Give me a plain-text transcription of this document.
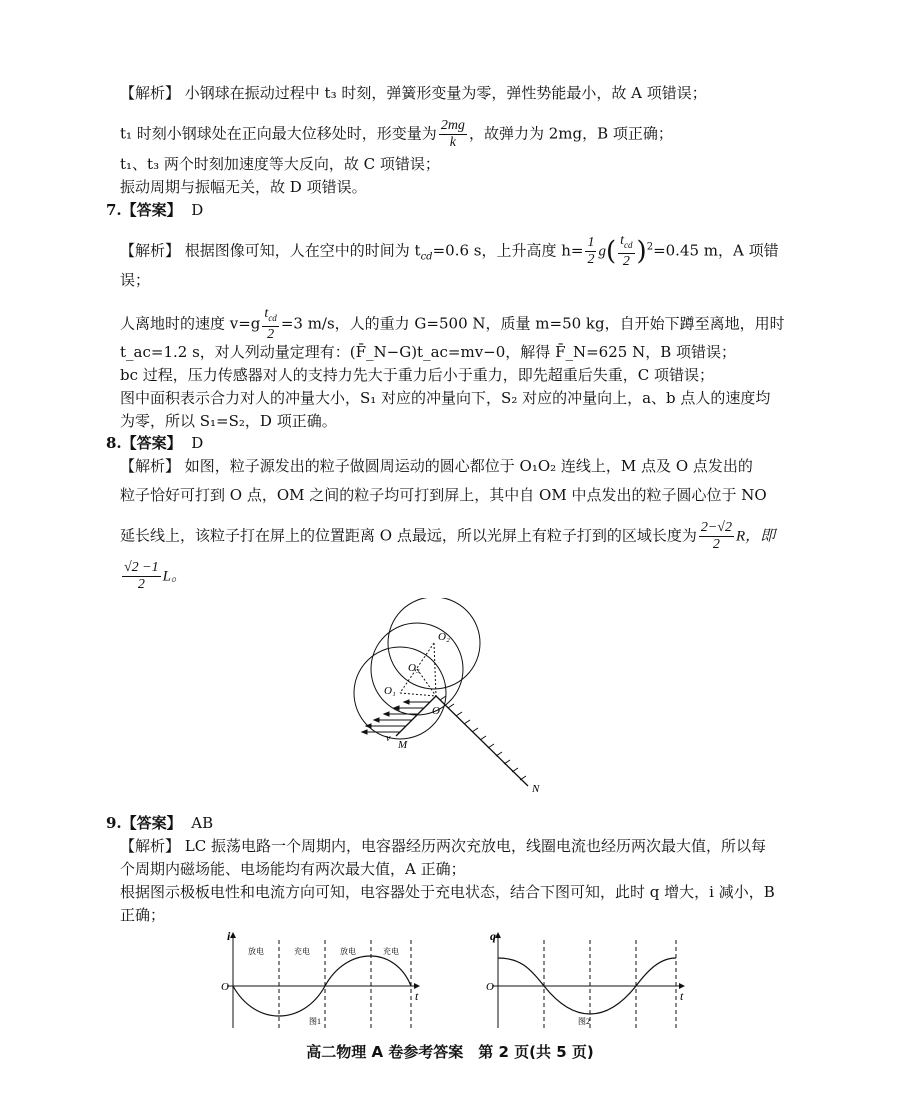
【解析】 小钢球在振动过程中 t₃ 时刻，弹簧形变量为零，弹性势能最小，故 A 项错误；
t₁ 时刻小钢球处在正向最大位移处时，形变量为 $\frac{2mg}{k}$ ，故弹力为 2mg，B 项正确；
t₁、t₃ 两个时刻加速度等大反向，故 C 项错误；
振动周期与振幅无关，故 D 项错误。
7.【答案】 D
【解析】 根据图像可知，人在空中的时间为 $t_{cd}=0.6$ s，上升高度 $h= \frac{1}{2} g( \frac{t_{cd}}{2} )^2=0.45$ m，A 项错
误；
人离地时的速度 $v=g \frac{t_{cd}}{2} =3$ m/s，人的重力 G=500 N，质量 m=50 kg，自开始下蹲至离地，用时
t_ac=1.2 s，对人列动量定理有：(F̄_N−G)t_ac=mv−0，解得 F̄_N=625 N，B 项错误；
bc 过程，压力传感器对人的支持力先大于重力后小于重力，即先超重后失重，C 项错误；
图中面积表示合力对人的冲量大小，S₁ 对应的冲量向下，S₂ 对应的冲量向上，a、b 点人的速度均
为零，所以 S₁=S₂，D 项正确。
8.【答案】 D
【解析】 如图，粒子源发出的粒子做圆周运动的圆心都位于 O₁O₂ 连线上，M 点及 O 点发出的
粒子恰好可打到 O 点，OM 之间的粒子均可打到屏上，其中自 OM 中点发出的粒子圆心位于 NO
延长线上，该粒子打在屏上的位置距离 O 点最远，所以光屏上有粒子打到的区域长度为 $\frac{2-√2}{2}$ R，即
$\frac{√2 -1}{2}$ L。
O₂
O₃
O₁
O
v
M
N
9.【答案】 AB
【解析】 LC 振荡电路一个周期内，电容器经历两次充放电，线圈电流也经历两次最大值，所以每
个周期内磁场能、电场能均有两次最大值，A 正确；
根据图示极板电性和电流方向可知，电容器处于充电状态，结合下图可知，此时 q 增大，i 减小，B
正确；
i
t
O
放电	充电	放电	充电
图1
q
t
O
图2
高二物理 A 卷参考答案　第 2 页(共 5 页)
